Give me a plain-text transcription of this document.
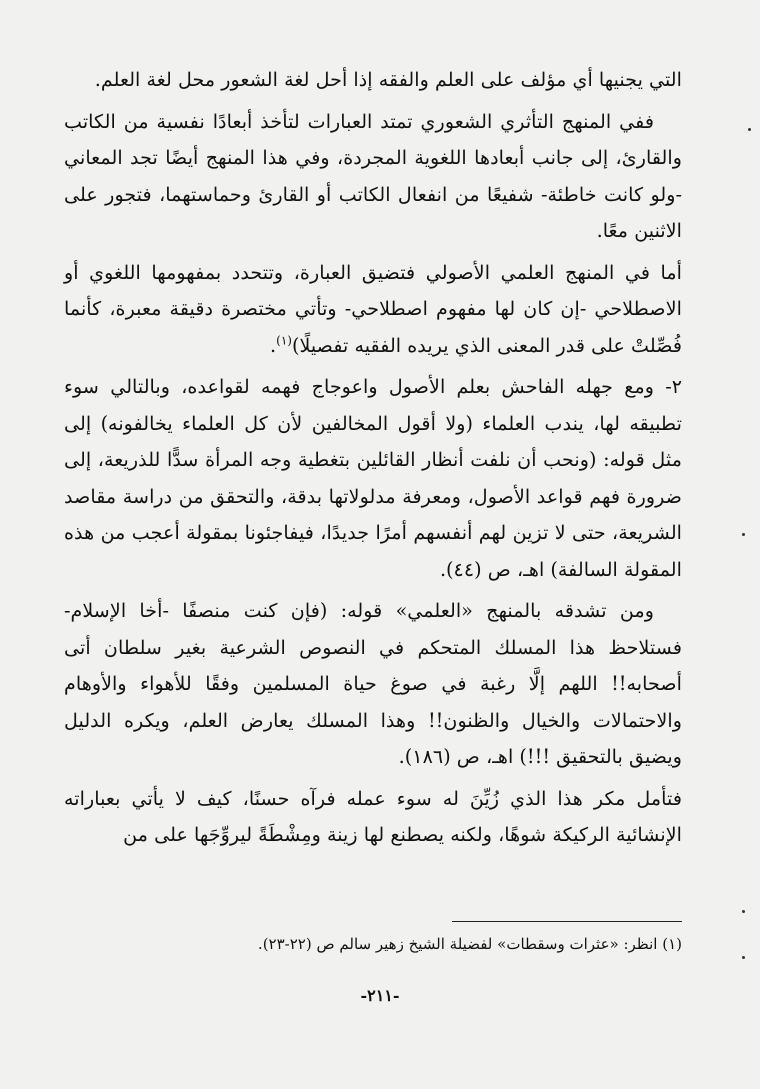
التي يجنيها أي مؤلف على العلم والفقه إذا أحل لغة الشعور محل لغة العلم.

ففي المنهج التأثري الشعوري تمتد العبارات لتأخذ أبعادًا نفسية من الكاتب والقارئ، إلى جانب أبعادها اللغوية المجردة، وفي هذا المنهج أيضًا تجد المعاني -ولو كانت خاطئة- شفيعًا من انفعال الكاتب أو القارئ وحماستهما، فتجور على الاثنين معًا.

أما في المنهج العلمي الأصولي فتضيق العبارة، وتتحدد بمفهومها اللغوي أو الاصطلاحي -إن كان لها مفهوم اصطلاحي- وتأتي مختصرة دقيقة معبرة، كأنما فُصِّلتْ على قدر المعنى الذي يريده الفقيه تفصيلًا)$^{(١)}$.

٢- ومع جهله الفاحش بعلم الأصول واعوجاج فهمه لقواعده، وبالتالي سوء تطبيقه لها، يندب العلماء (ولا أقول المخالفين لأن كل العلماء يخالفونه) إلى مثل قوله: (ونحب أن نلفت أنظار القائلين بتغطية وجه المرأة سدًّا للذريعة، إلى ضرورة فهم قواعد الأصول، ومعرفة مدلولاتها بدقة، والتحقق من دراسة مقاصد الشريعة، حتى لا تزين لهم أنفسهم أمرًا جديدًا، فيفاجئونا بمقولة أعجب من هذه المقولة السالفة) اهـ، ص (٤٤).

ومن تشدقه بالمنهج «العلمي» قوله: (فإن كنت منصفًا -أخا الإسلام- فستلاحظ هذا المسلك المتحكم في النصوص الشرعية بغير سلطان أتى أصحابه!! اللهم إلَّا رغبة في صوغ حياة المسلمين وفقًا للأهواء والأوهام والاحتمالات والخيال والظنون!! وهذا المسلك يعارض العلم، ويكره الدليل ويضيق بالتحقيق !!!) اهـ، ص (١٨٦).

فتأمل مكر هذا الذي زُيِّنَ له سوء عمله فرآه حسنًا، كيف لا يأتي بعباراته الإنشائية الركيكة شوهًا، ولكنه يصطنع لها زينة ومِشْطَةً ليروِّجَها على من

(١) انظر: «عثرات وسقطات» لفضيلة الشيخ زهير سالم ص (٢٢-٢٣).
-٢١١-
